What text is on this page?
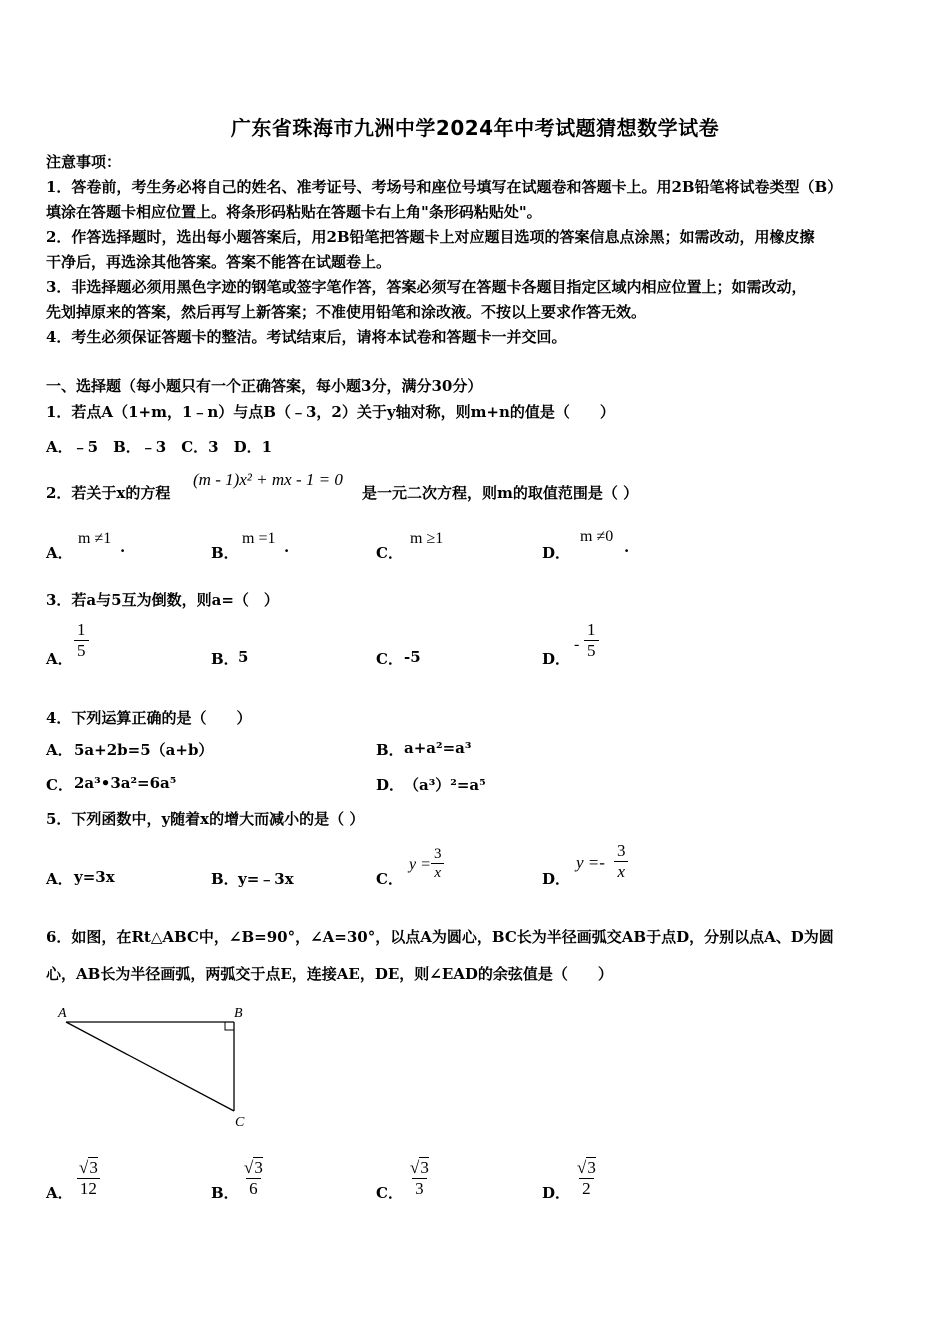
广东省珠海市九洲中学2024年中考试题猜想数学试卷
注意事项：
1．答卷前，考生务必将自己的姓名、准考证号、考场号和座位号填写在试题卷和答题卡上。用2B铅笔将试卷类型（B）
填涂在答题卡相应位置上。将条形码粘贴在答题卡右上角"条形码粘贴处"。
2．作答选择题时，选出每小题答案后，用2B铅笔把答题卡上对应题目选项的答案信息点涂黑；如需改动，用橡皮擦
干净后，再选涂其他答案。答案不能答在试题卷上。
3．非选择题必须用黑色字迹的钢笔或签字笔作答，答案必须写在答题卡各题目指定区域内相应位置上；如需改动，
先划掉原来的答案，然后再写上新答案；不准使用铅笔和涂改液。不按以上要求作答无效。
4．考生必须保证答题卡的整洁。考试结束后，请将本试卷和答题卡一并交回。
一、选择题（每小题只有一个正确答案，每小题3分，满分30分）
1．若点A（1+m，1﹣n）与点B（﹣3，2）关于y轴对称，则m+n的值是（　　）
A．﹣5　B．﹣3　C．3　D．1
2．若关于x的方程
(m - 1)x² + mx - 1 = 0
是一元二次方程，则m的取值范围是（ ）
A．
m ≠1 .	B．
m =1 .	C．
m ≥1
D．
m ≠0
.
3．若a与5互为倒数，则a=（　）
A． $\frac{1}{5}$	B． 5	C． -5	D．
- $\frac{1}{5}$
4．下列运算正确的是（　　）
A． 5a+2b=5（a+b）	B． a+a²=a³
C． 2a³•3a²=6a⁵	D． （a³）²=a⁵
5．下列函数中，y随着x的增大而减小的是（ ）
A． y=3x	B． y=﹣3x	C．
$y = \frac{3}{x}$	D．
$y =- \frac{3}{x}$
6．如图，在Rt△ABC中，∠B=90°，∠A=30°，以点A为圆心，BC长为半径画弧交AB于点D，分别以点A、D为圆
心，AB长为半径画弧，两弧交于点E，连接AE，DE，则∠EAD的余弦值是（　　）
A	B
C
A． $\frac{√3}{12}$	B． $\frac{√3}{6}$	C． $\frac{√3}{3}$	D． $\frac{√3}{2}$
